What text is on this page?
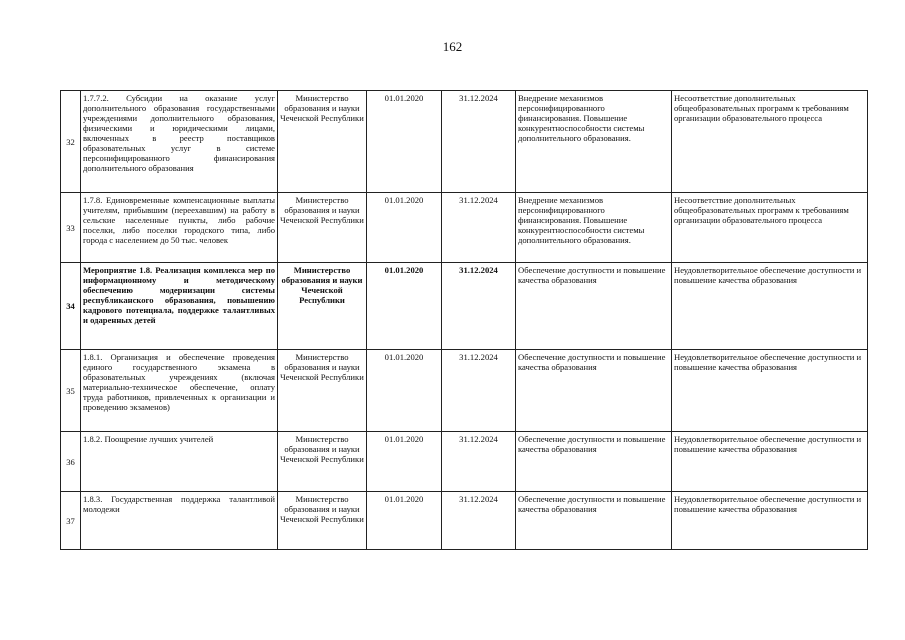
162
32	1.7.7.2. Субсидии на оказание услуг дополнительного образования государственными учреждениями дополнительного образования, физическими и юридическими лицами, включенных в реестр поставщиков образовательных услуг в системе персонифицированного финансирования дополнительного образования	Министерство образования и науки Чеченской Республики	01.01.2020	31.12.2024	Внедрение механизмов персонифицированного финансирования. Повышение конкурентноспособности системы дополнительного образования.	Несоответствие дополнительных общеобразовательных программ к требованиям организации образовательного процесса
33	1.7.8. Единовременные компенсационные выплаты учителям, прибывшим (переехавшим) на работу в сельские населенные пункты, либо рабочие поселки, либо поселки городского типа, либо города с населением до 50 тыс. человек	Министерство образования и науки Чеченской Республики	01.01.2020	31.12.2024	Внедрение механизмов персонифицированного финансирования. Повышение конкурентноспособности системы дополнительного образования.	Несоответствие дополнительных общеобразовательных программ к требованиям организации образовательного процесса
34	Мероприятие 1.8. Реализация комплекса мер по информационному и методическому обеспечению модернизации системы республиканского образования, повышению кадрового потенциала, поддержке талантливых и одаренных детей	Министерство образования и науки Чеченской Республики	01.01.2020	31.12.2024	Обеспечение доступности и повышение качества образования	Неудовлетворительное обеспечение доступности и повышение качества образования
35	1.8.1. Организация и обеспечение проведения единого государственного экзамена в образовательных учреждениях (включая материально-техническое обеспечение, оплату труда работников, привлеченных к организации и проведению экзаменов)	Министерство образования и науки Чеченской Республики	01.01.2020	31.12.2024	Обеспечение доступности и повышение качества образования	Неудовлетворительное обеспечение доступности и повышение качества образования
36	1.8.2. Поощрение лучших учителей	Министерство образования и науки Чеченской Республики	01.01.2020	31.12.2024	Обеспечение доступности и повышение качества образования	Неудовлетворительное обеспечение доступности и повышение качества образования
37	1.8.3. Государственная поддержка талантливой молодежи	Министерство образования и науки Чеченской Республики	01.01.2020	31.12.2024	Обеспечение доступности и повышение качества образования	Неудовлетворительное обеспечение доступности и повышение качества образования
